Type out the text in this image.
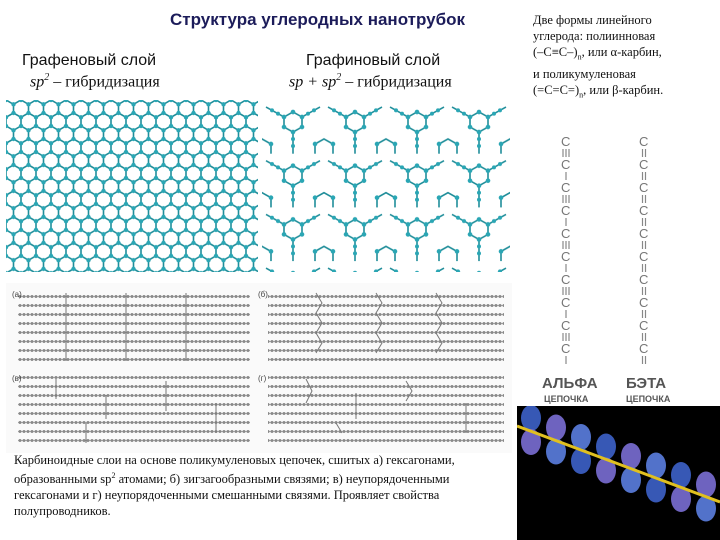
Структура углеродных нанотрубок
Графеновый слой
$sp^2$ – гибридизация
Графиновый слой
sp + $sp^2$ – гибридизация
(а)	(б)
(в)	(г)
Две формы линейного
углерода: полиинновая
$(-C\equiv C-)_n$, или α-карбин,
и поликумуленовая
$(=C=C=)_n$, или β-карбин.
C
C
C
C
C
C
C
C
C
C
C
C
C
C
C
C
C
C
C
C
АЛЬФА
ЦЕПОЧКА
БЭТА
ЦЕПОЧКА
Карбиноидные слои на основе поликумуленовых цепочек, сшитых а) гексагонами, образованными $sp^2$ атомами; б) зигзагообразными связями; в) неупорядоченными гексагонами и г) неупорядоченными смешанными связями. Проявляет свойства полупроводников.
